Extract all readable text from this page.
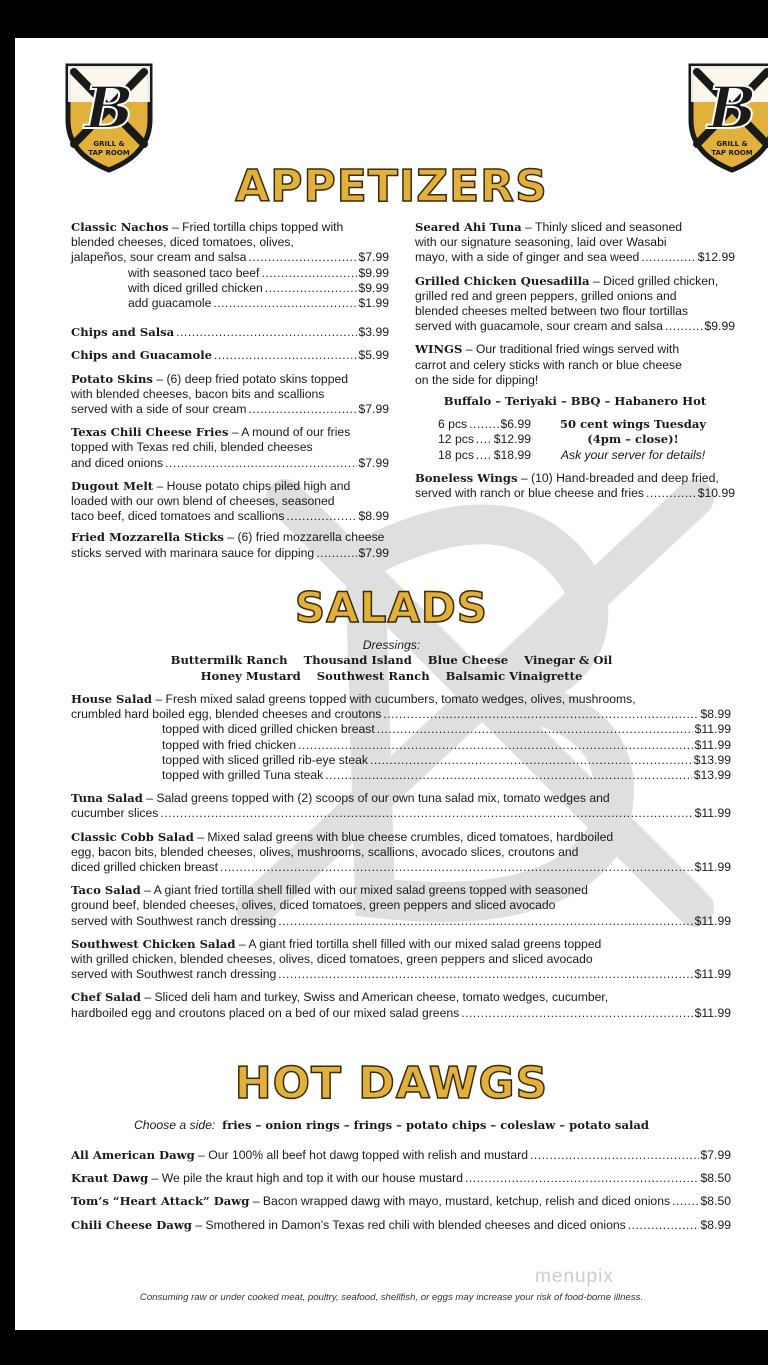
B
GRILL &
TAP ROOM
B
GRILL &
TAP ROOM
APPETIZERS
Classic Nachos – Fried tortilla chips topped with
blended cheeses, diced tomatoes, olives,
jalapeños, sour cream and salsa .....	$7.99
with seasoned taco beef .....	$9.99
with diced grilled chicken .....	$9.99
add guacamole .....	$1.99
Chips and Salsa .....	$3.99
Chips and Guacamole .....	$5.99
Potato Skins – (6) deep fried potato skins topped
with blended cheeses, bacon bits and scallions
served with a side of sour cream .....	$7.99
Texas Chili Cheese Fries – A mound of our fries
topped with Texas red chili, blended cheeses
and diced onions .....	$7.99
Dugout Melt – House potato chips piled high and
loaded with our own blend of cheeses, seasoned
taco beef, diced tomatoes and scallions .....	$8.99
Fried Mozzarella Sticks – (6) fried mozzarella cheese
sticks served with marinara sauce for dipping .....	$7.99
Seared Ahi Tuna – Thinly sliced and seasoned
with our signature seasoning, laid over Wasabi
mayo, with a side of ginger and sea weed .....	$12.99
Grilled Chicken Quesadilla – Diced grilled chicken,
grilled red and green peppers, grilled onions and
blended cheeses melted between two flour tortillas
served with guacamole, sour cream and salsa .....	$9.99
WINGS – Our traditional fried wings served with
carrot and celery sticks with ranch or blue cheese
on the side for dipping!
Buffalo – Teriyaki – BBQ – Habanero Hot
6 pcs .....	$6.99
12 pcs ..... $12.99
18 pcs ..... $18.99
50 cent wings Tuesday
(4pm – close)!
Ask your server for details!
Boneless Wings – (10) Hand-breaded and deep fried,
served with ranch or blue cheese and fries .....	$10.99
SALADS
Dressings:
Buttermilk Ranch Thousand Island Blue Cheese Vinegar & Oil
Honey Mustard Southwest Ranch Balsamic Vinaigrette
House Salad – Fresh mixed salad greens topped with cucumbers, tomato wedges, olives, mushrooms,
crumbled hard boiled egg, blended cheeses and croutons .....	$8.99
topped with diced grilled chicken breast .....	$11.99
topped with fried chicken .....	$11.99
topped with sliced grilled rib-eye steak .....	$13.99
topped with grilled Tuna steak .....	$13.99
Tuna Salad – Salad greens topped with (2) scoops of our own tuna salad mix, tomato wedges and
cucumber slices .....	$11.99
Classic Cobb Salad – Mixed salad greens with blue cheese crumbles, diced tomatoes, hardboiled
egg, bacon bits, blended cheeses, olives, mushrooms, scallions, avocado slices, croutons and
diced grilled chicken breast .....	$11.99
Taco Salad – A giant fried tortilla shell filled with our mixed salad greens topped with seasoned
ground beef, blended cheeses, olives, diced tomatoes, green peppers and sliced avocado
served with Southwest ranch dressing .....	$11.99
Southwest Chicken Salad – A giant fried tortilla shell filled with our mixed salad greens topped
with grilled chicken, blended cheeses, olives, diced tomatoes, green peppers and sliced avocado
served with Southwest ranch dressing .....	$11.99
Chef Salad – Sliced deli ham and turkey, Swiss and American cheese, tomato wedges, cucumber,
hardboiled egg and croutons placed on a bed of our mixed salad greens .....	$11.99
HOT DAWGS
Choose a side: fries – onion rings – frings – potato chips – coleslaw – potato salad
All American Dawg – Our 100% all beef hot dawg topped with relish and mustard .....	$7.99
Kraut Dawg – We pile the kraut high and top it with our house mustard .....	$8.50
Tom’s “Heart Attack” Dawg – Bacon wrapped dawg with mayo, mustard, ketchup, relish and diced onions ..... $8.50
Chili Cheese Dawg – Smothered in Damon’s Texas red chili with blended cheeses and diced onions .....	$8.99
menupix
Consuming raw or under cooked meat, poultry, seafood, shellfish, or eggs may increase your risk of food-borne illness.
